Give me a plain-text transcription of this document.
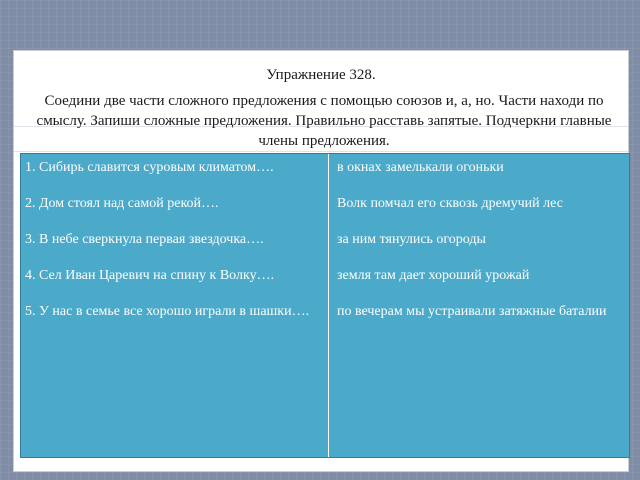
Упражнение 328.
Соедини две части сложного предложения с помощью союзов и, а, но. Части находи по смыслу. Запиши сложные предложения. Правильно расставь запятые. Подчеркни главные члены предложения.

1. Сибирь славится суровым климатом….

2. Дом стоял над самой рекой….

3. В небе сверкнула первая звездочка….

4. Сел Иван Царевич на спину к Волку….

5. У нас в семье все хорошо играли в шашки….

в окнах замелькали огоньки

Волк помчал его сквозь дремучий лес

за ним тянулись огороды

земля там дает хороший урожай

по вечерам мы устраивали затяжные баталии
